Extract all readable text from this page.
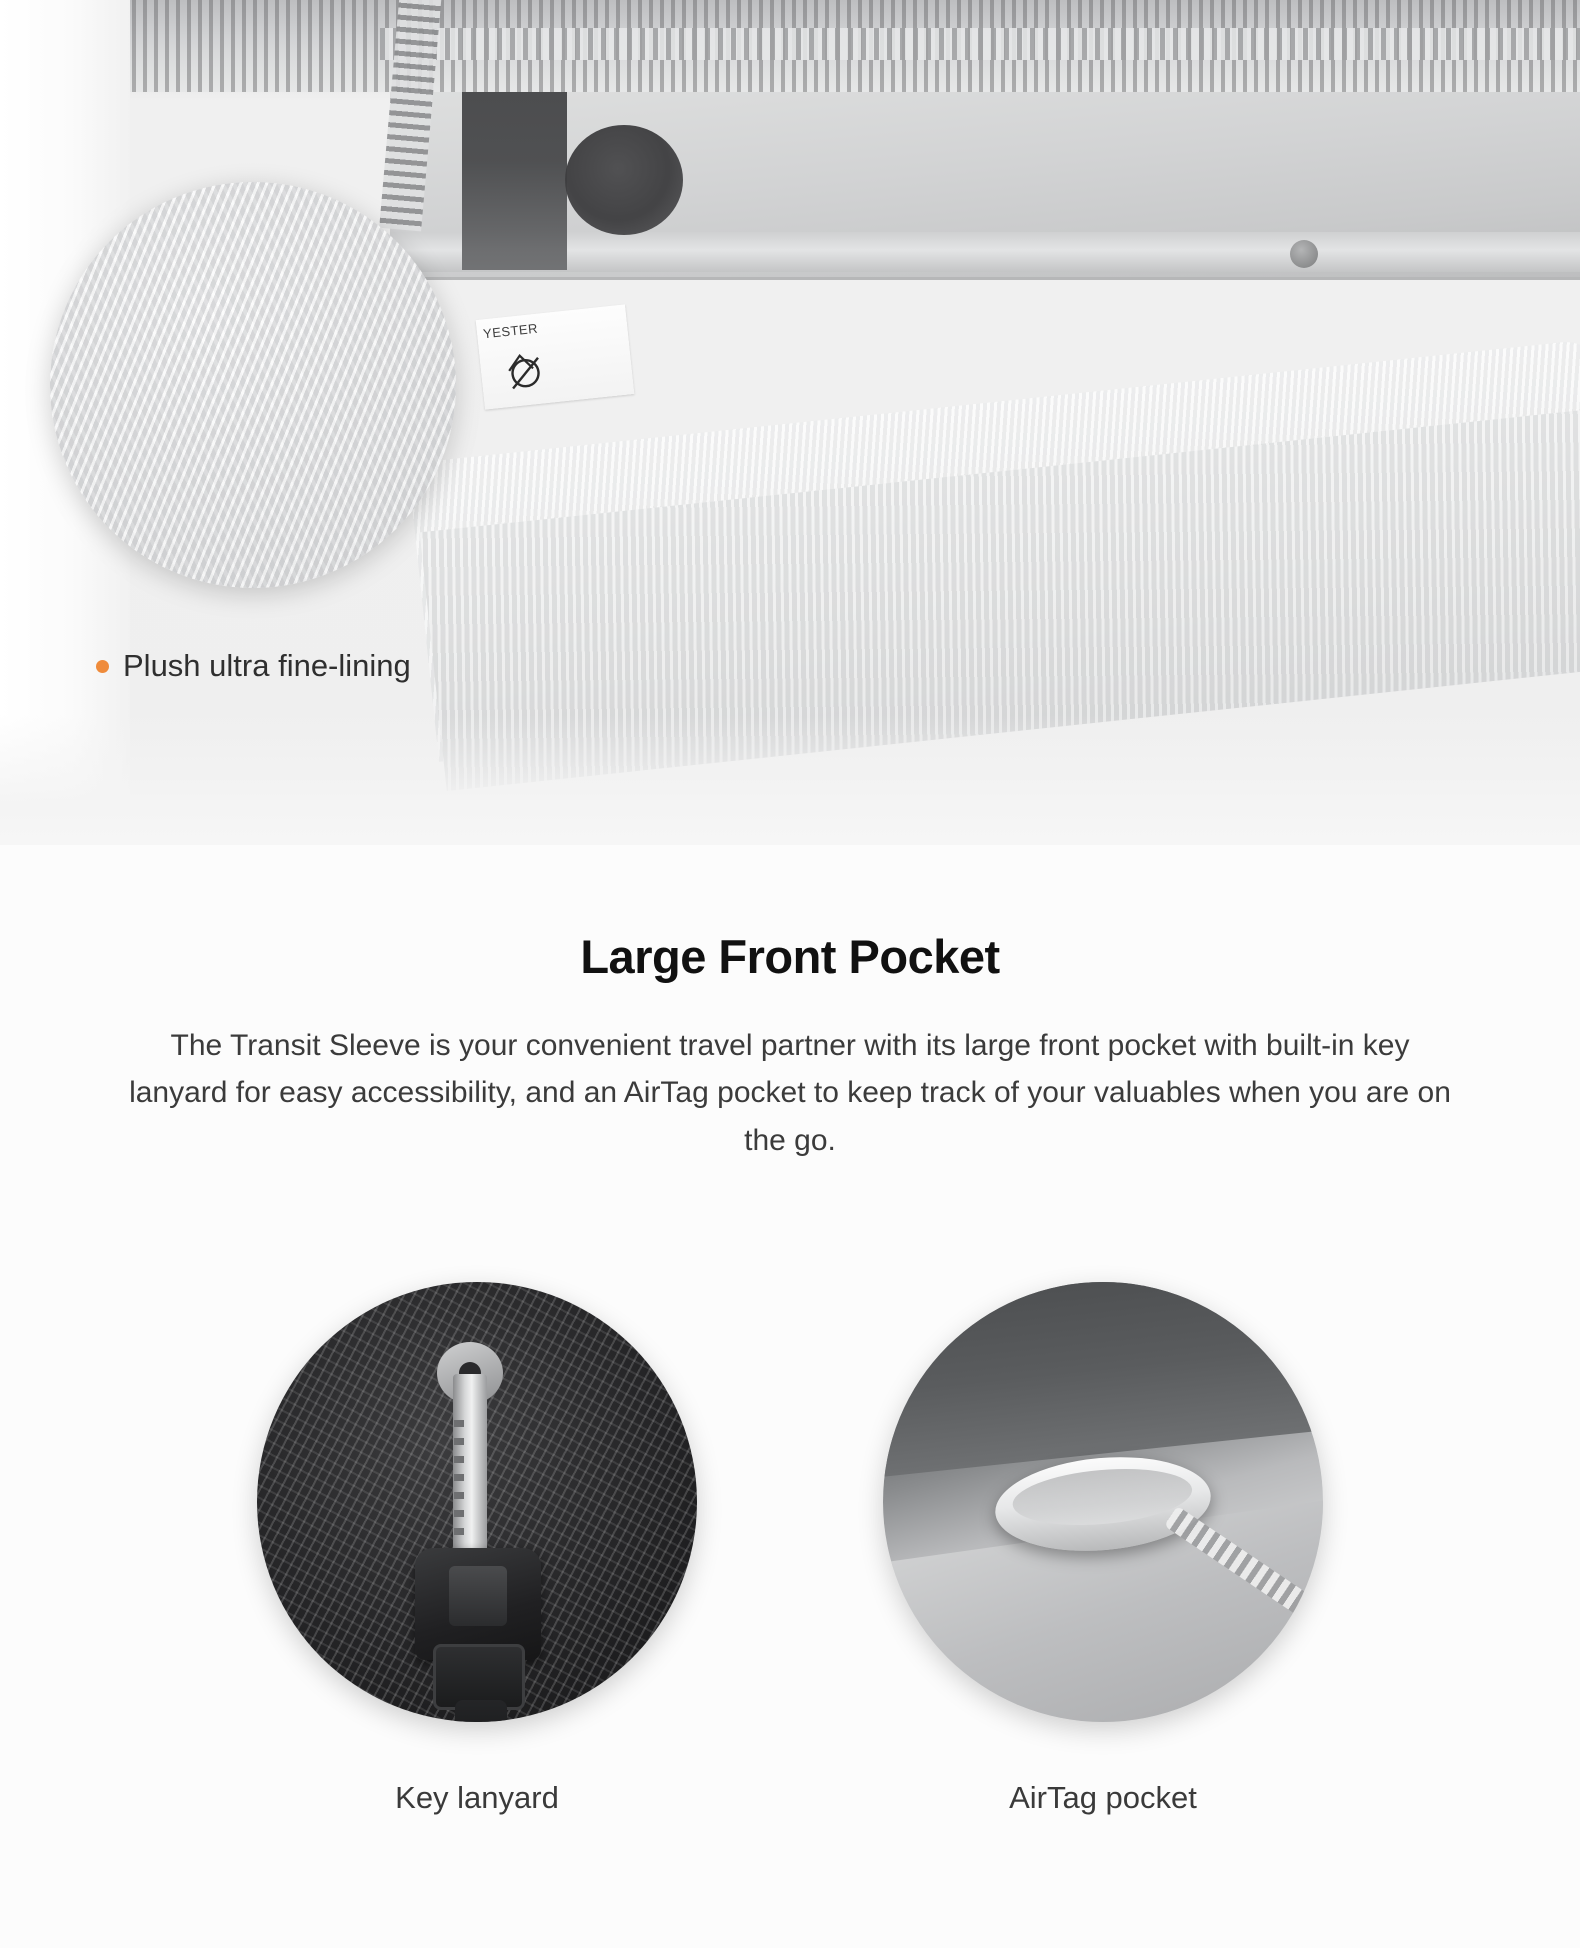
YESTER
Plush ultra fine-lining
Large Front Pocket

The Transit Sleeve is your convenient travel partner with its large front pocket with built-in key lanyard for easy accessibility, and an AirTag pocket to keep track of your valuables when you are on the go.

Key lanyard	AirTag pocket
